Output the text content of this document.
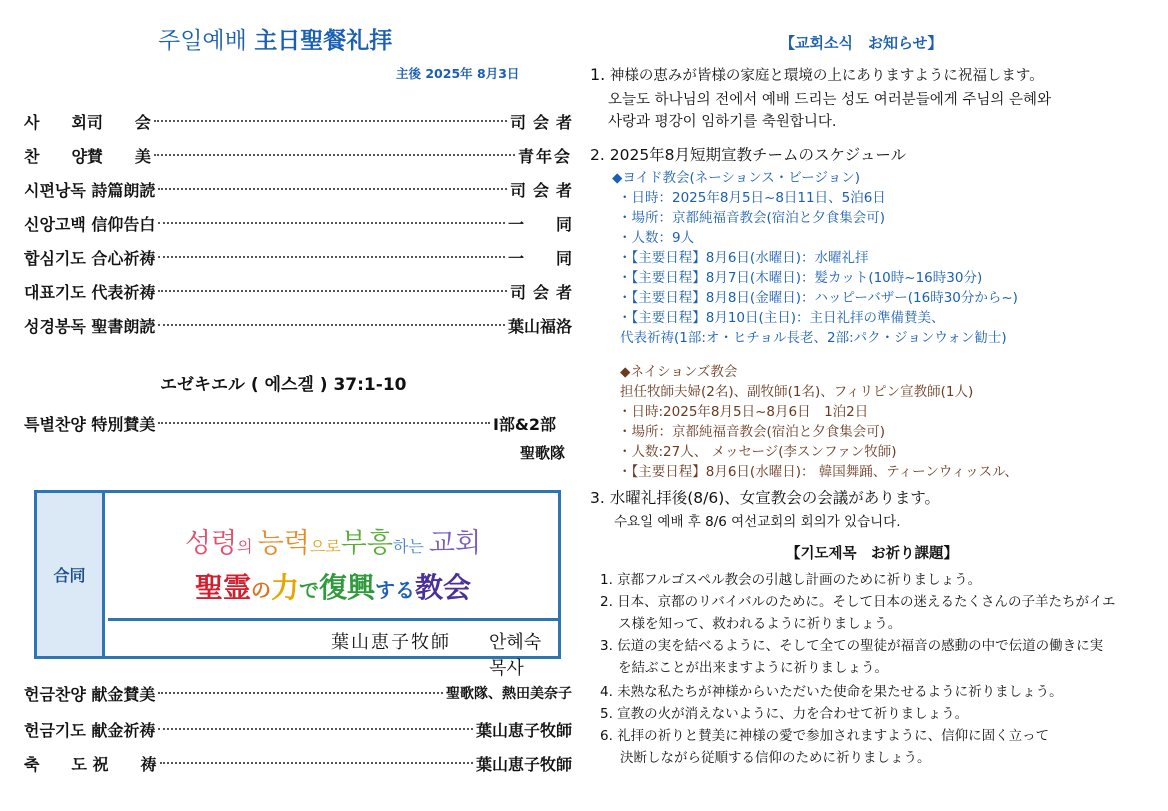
주일예배 主日聖餐礼拝
主後 2025年 8月3日
사  회司  会	司会者
찬  양賛  美	青年会
시편낭독 詩篇朗読	司会者
신앙고백 信仰告白	一　　同
합심기도 合心祈祷	一　　同
대표기도 代表祈祷	司会者
성경봉독 聖書朗読	葉山福洛
エゼキエル ( 에스겔 ) 37:1-10
특별찬양 特別賛美	Ⅰ部&2部
聖歌隊
合同
성령의 능력으로부흥하는 교회
聖霊の力で復興する教会
葉山恵子牧師 안혜숙목사
헌금찬양 献金賛美	聖歌隊、熱田美奈子
헌금기도 献金祈祷	葉山恵子牧師
축  도 祝  祷	葉山恵子牧師
【교회소식　お知らせ】
1. 神様の恵みが皆様の家庭と環境の上にありますように祝福します。
오늘도 하나님의 전에서 예배 드리는 성도 여러분들에게 주님의 은혜와
사랑과 평강이 임하기를 축원합니다.
2. 2025年8月短期宣教チームのスケジュール
◆ヨイド教会(ネーションス・ビージョン)
・日時：2025年8月5日~8日11日、5泊6日
・場所：京都純福音教会(宿泊と夕食集会可)
・人数：9人
・【主要日程】8月6日(水曜日)：水曜礼拝
・【主要日程】8月7日(木曜日)：髪カット(10時~16時30分)
・【主要日程】8月8日(金曜日)：ハッピーバザー(16時30分から~)
・【主要日程】8月10日(主日)：主日礼拝の準備賛美、
代表祈祷(1部:オ・ヒチョル長老、2部:パク・ジョンウォン勧士)
◆ネイションズ教会
担任牧師夫婦(2名)、副牧師(1名)、フィリピン宣教師(1人)
・日時:2025年8月5日~8月6日　1泊2日
・場所：京都純福音教会(宿泊と夕食集会可)
・人数:27人、 メッセージ(李スンファン牧師)
・【主要日程】8月6日(水曜日)： 韓国舞踊、ティーンウィッスル、
3. 水曜礼拝後(8/6)、女宣教会の会議があります。
수요일 예배 후 8/6 여선교회의 회의가 있습니다.
【기도제목　お祈り課題】
1. 京都フルゴスペル教会の引越し計画のために祈りましょう。
2. 日本、京都のリバイバルのために。そして日本の迷えるたくさんの子羊たちがイエ
ス様を知って、救われるように祈りましょう。
3. 伝道の実を結べるように、そして全ての聖徒が福音の感動の中で伝道の働きに実
を結ぶことが出来ますように祈りましょう。
4. 未熟な私たちが神様からいただいた使命を果たせるように祈りましょう。
5. 宣教の火が消えないように、力を合わせて祈りましょう。
6. 礼拝の祈りと賛美に神様の愛で参加されますように、信仰に固く立って
決断しながら従順する信仰のために祈りましょう。
